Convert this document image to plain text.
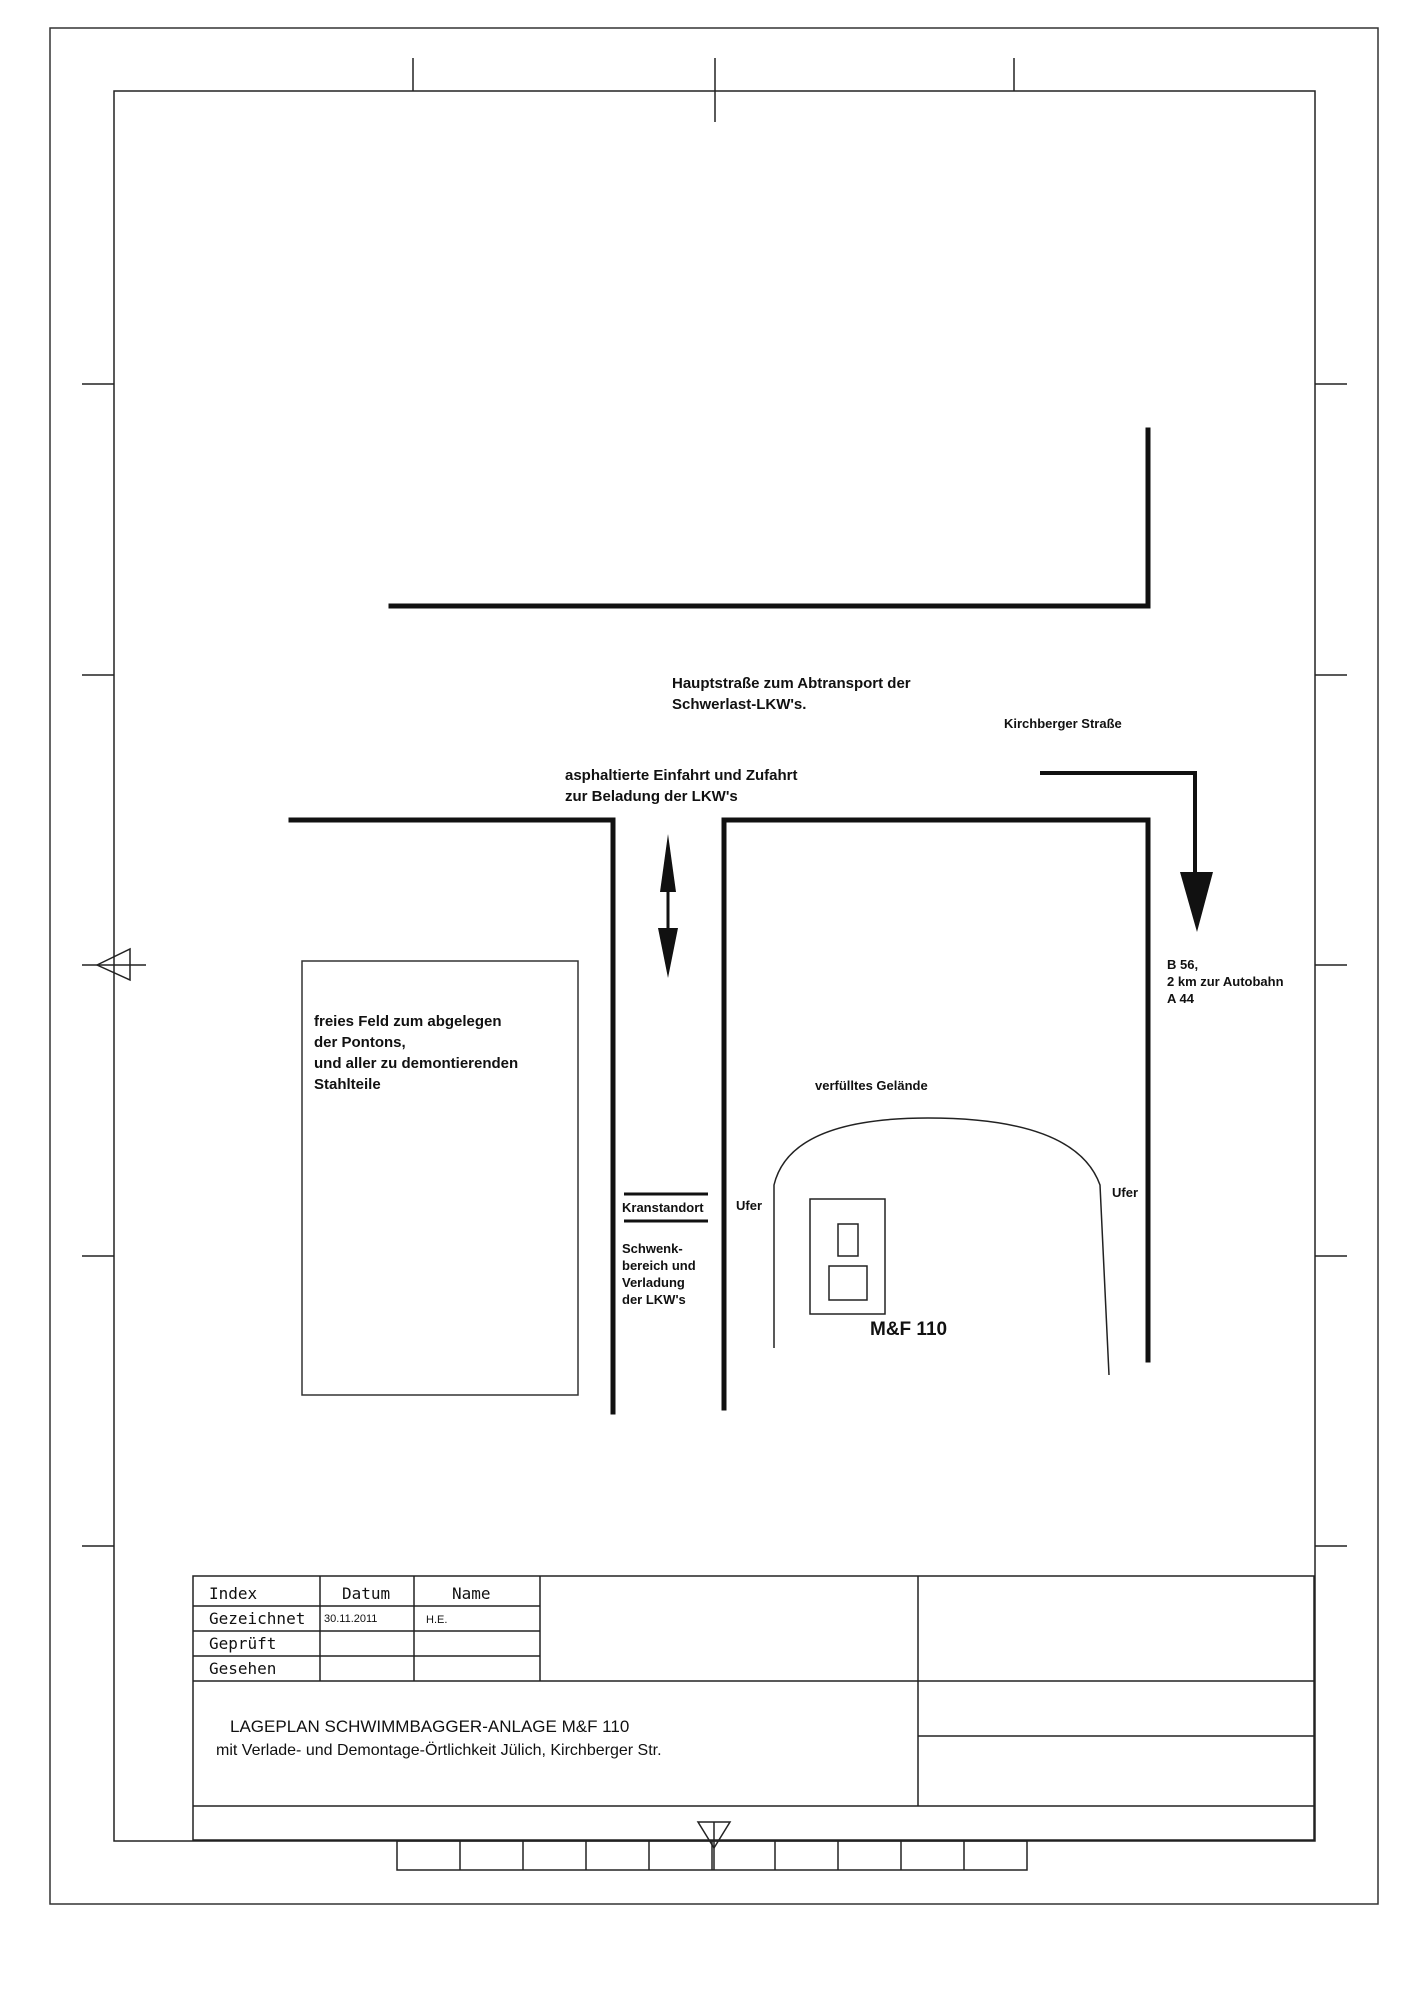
Hauptstraße zum Abtransport der
Schwerlast-LKW's.
Kirchberger Straße
asphaltierte Einfahrt und Zufahrt
zur Beladung der LKW's
B 56,
2 km zur Autobahn
A 44
freies Feld zum abgelegen
der Pontons,
und aller zu demontierenden
Stahlteile	verfülltes Gelände
Kranstandort
Schwenk-
bereich und
Verladung
der LKW's
Ufer
Ufer
M&F 110
Index	Datum	Name
Gezeichnet 30.11.2011	H.E.
Geprüft
Gesehen
LAGEPLAN SCHWIMMBAGGER-ANLAGE M&F 110
mit Verlade- und Demontage-Örtlichkeit Jülich, Kirchberger Str.
